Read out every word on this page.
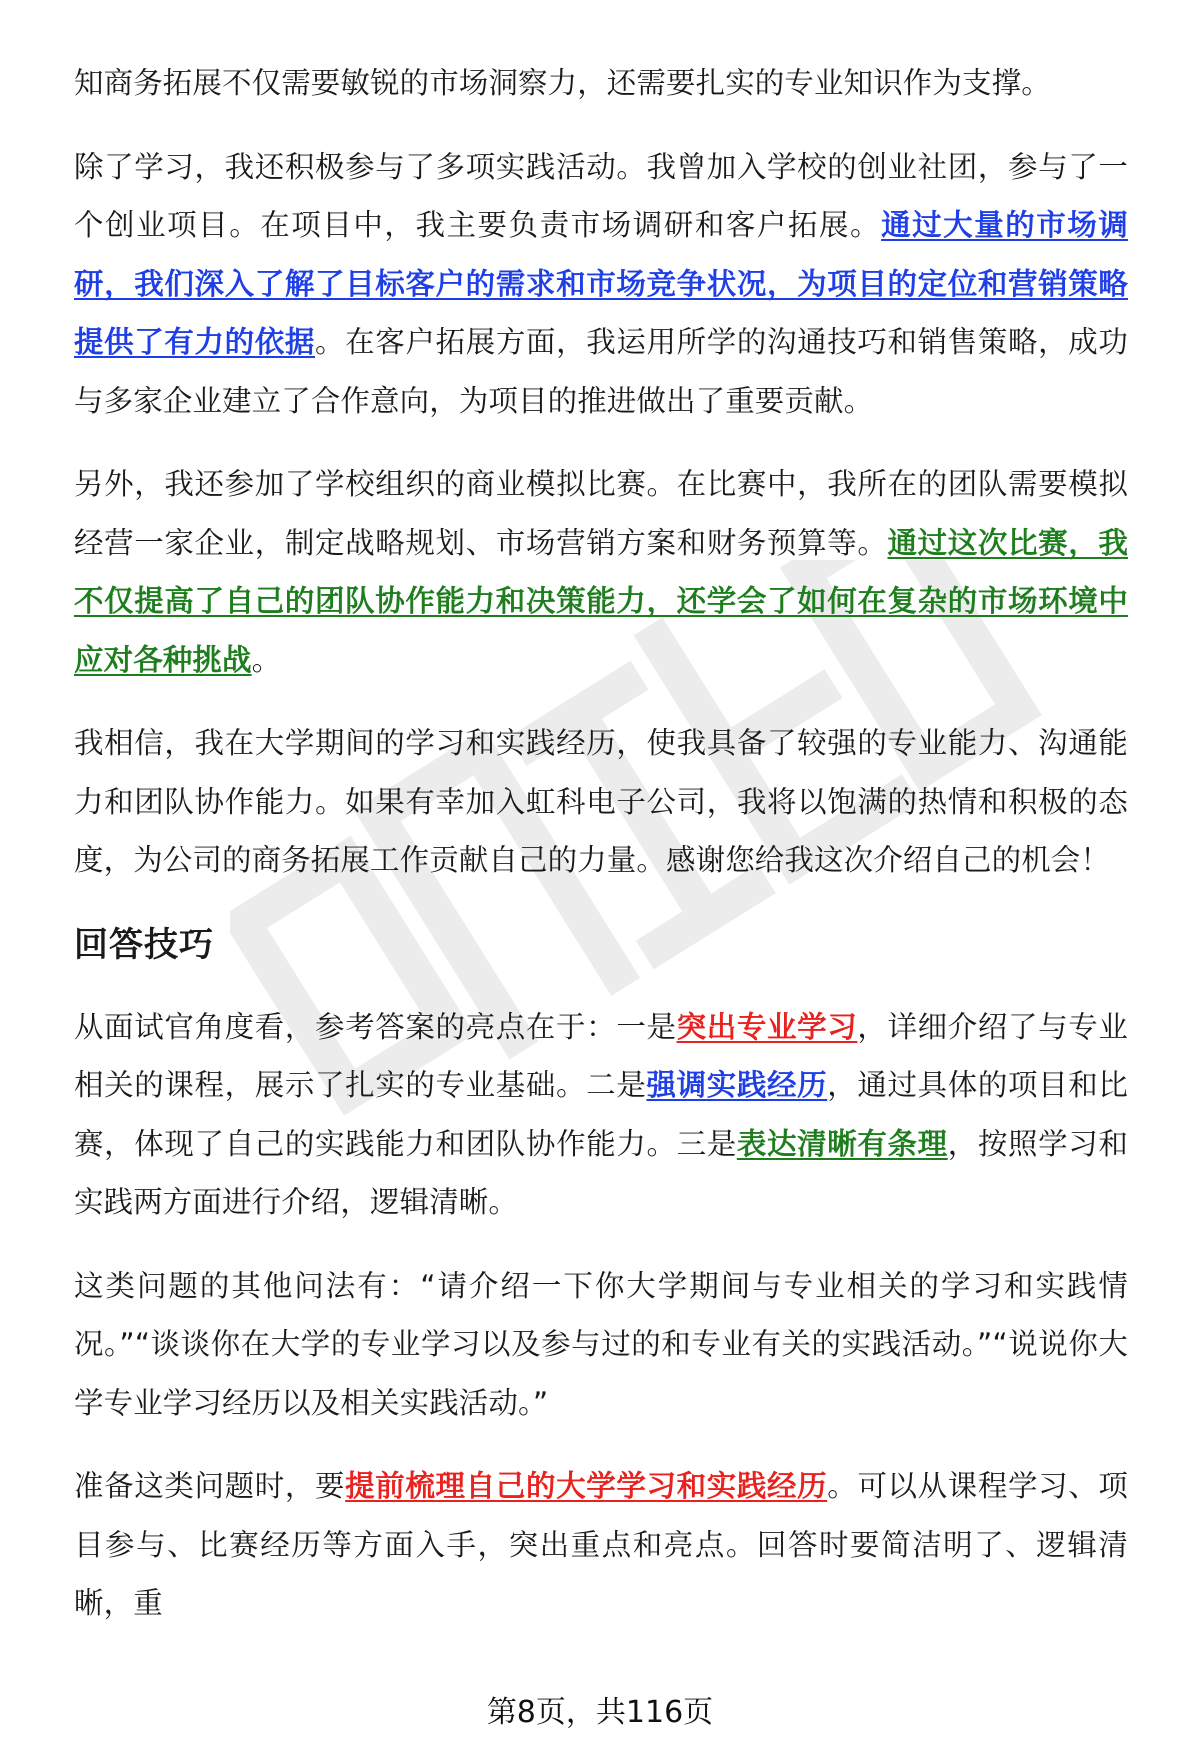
知商务拓展不仅需要敏锐的市场洞察力，还需要扎实的专业知识作为支撑。

除了学习，我还积极参与了多项实践活动。我曾加入学校的创业社团，参与了一个创业项目。在项目中，我主要负责市场调研和客户拓展。通过大量的市场调研，我们深入了解了目标客户的需求和市场竞争状况，为项目的定位和营销策略提供了有力的依据。在客户拓展方面，我运用所学的沟通技巧和销售策略，成功与多家企业建立了合作意向，为项目的推进做出了重要贡献。

另外，我还参加了学校组织的商业模拟比赛。在比赛中，我所在的团队需要模拟经营一家企业，制定战略规划、市场营销方案和财务预算等。通过这次比赛，我不仅提高了自己的团队协作能力和决策能力，还学会了如何在复杂的市场环境中应对各种挑战。

我相信，我在大学期间的学习和实践经历，使我具备了较强的专业能力、沟通能力和团队协作能力。如果有幸加入虹科电子公司，我将以饱满的热情和积极的态度，为公司的商务拓展工作贡献自己的力量。感谢您给我这次介绍自己的机会！

回答技巧

从面试官角度看，参考答案的亮点在于：一是突出专业学习，详细介绍了与专业相关的课程，展示了扎实的专业基础。二是强调实践经历，通过具体的项目和比赛，体现了自己的实践能力和团队协作能力。三是表达清晰有条理，按照学习和实践两方面进行介绍，逻辑清晰。

这类问题的其他问法有：“请介绍一下你大学期间与专业相关的学习和实践情况。”“谈谈你在大学的专业学习以及参与过的和专业有关的实践活动。”“说说你大学专业学习经历以及相关实践活动。”

准备这类问题时，要提前梳理自己的大学学习和实践经历。可以从课程学习、项目参与、比赛经历等方面入手，突出重点和亮点。回答时要简洁明了、逻辑清晰，重

第8页，共116页
